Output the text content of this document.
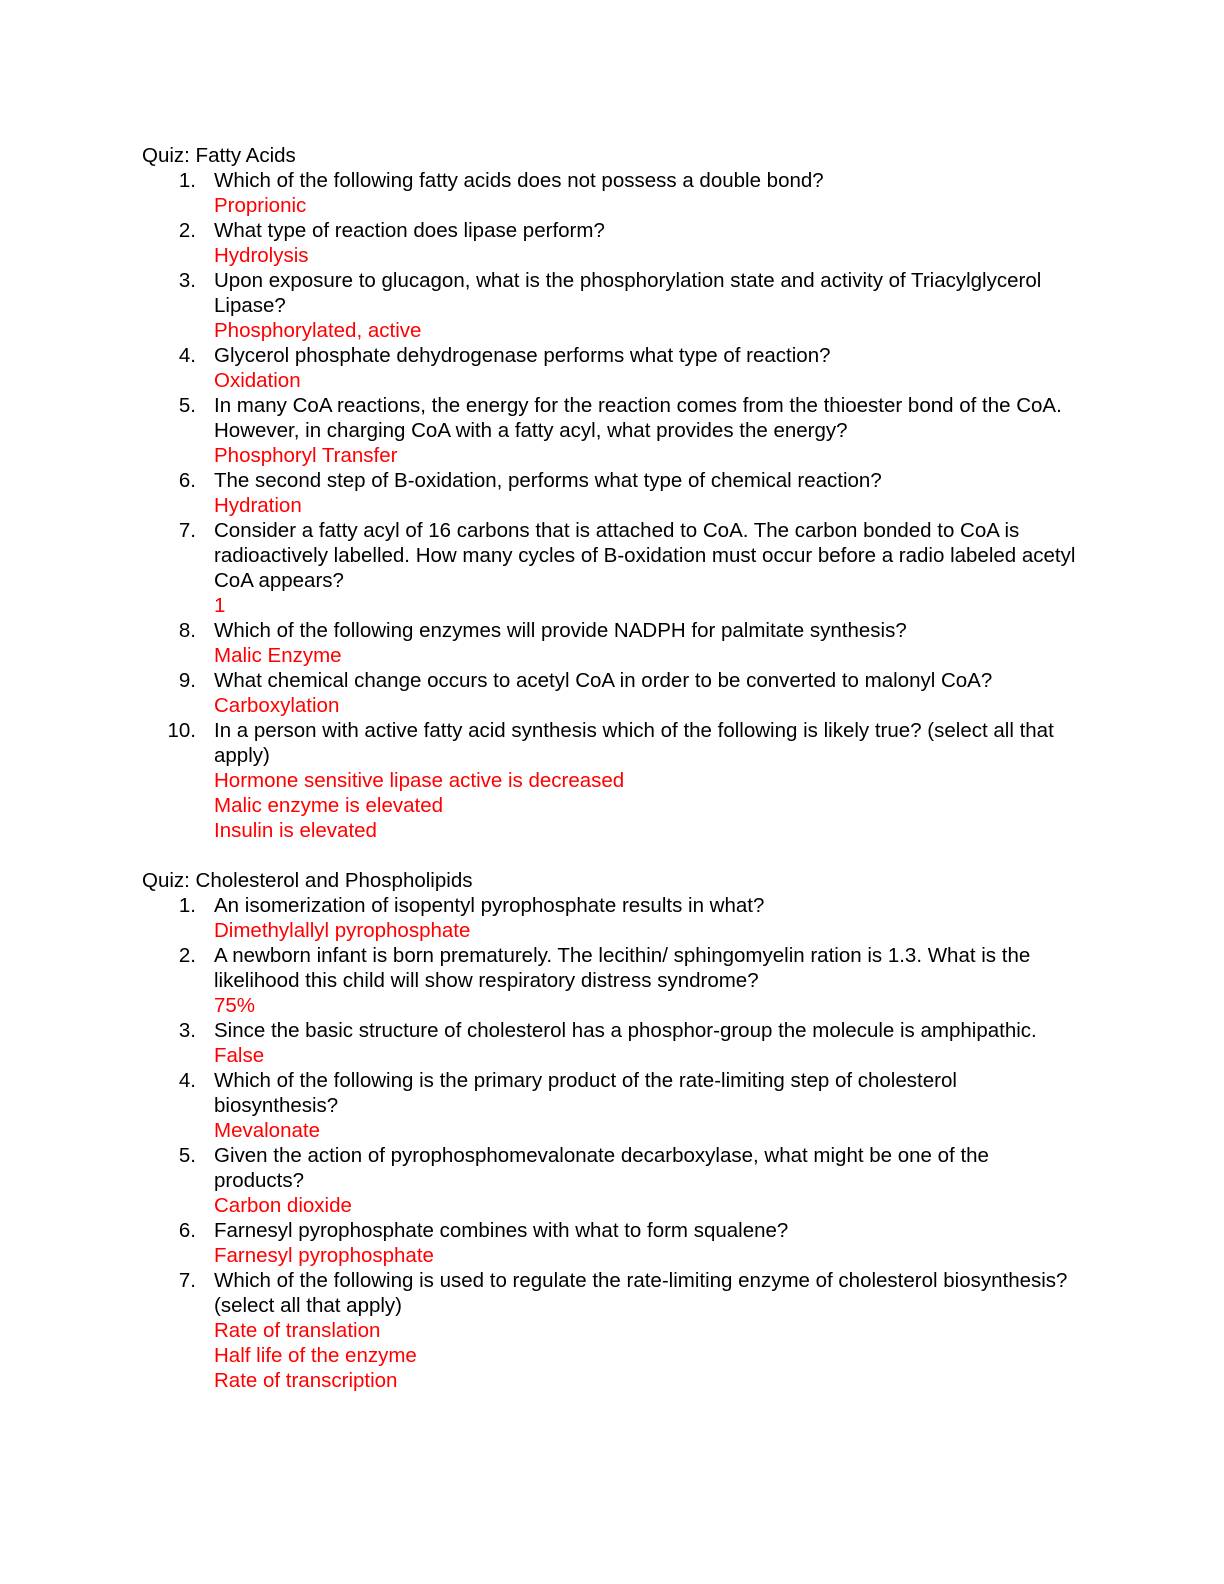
Quiz: Fatty Acids
1. Which of the following fatty acids does not possess a double bond?
Proprionic
2. What type of reaction does lipase perform?
Hydrolysis
3. Upon exposure to glucagon, what is the phosphorylation state and activity of Triacylglycerol Lipase?
Phosphorylated, active
4. Glycerol phosphate dehydrogenase performs what type of reaction?
Oxidation
5. In many CoA reactions, the energy for the reaction comes from the thioester bond of the CoA. However, in charging CoA with a fatty acyl, what provides the energy?
Phosphoryl Transfer
6. The second step of B-oxidation, performs what type of chemical reaction?
Hydration
7. Consider a fatty acyl of 16 carbons that is attached to CoA. The carbon bonded to CoA is radioactively labelled. How many cycles of B-oxidation must occur before a radio labeled acetyl CoA appears?
1
8. Which of the following enzymes will provide NADPH for palmitate synthesis?
Malic Enzyme
9. What chemical change occurs to acetyl CoA in order to be converted to malonyl CoA?
Carboxylation
10. In a person with active fatty acid synthesis which of the following is likely true? (select all that apply)
Hormone sensitive lipase active is decreased
Malic enzyme is elevated
Insulin is elevated
Quiz: Cholesterol and Phospholipids
1. An isomerization of isopentyl pyrophosphate results in what?
Dimethylallyl pyrophosphate
2. A newborn infant is born prematurely. The lecithin/ sphingomyelin ration is 1.3. What is the likelihood this child will show respiratory distress syndrome?
75%
3. Since the basic structure of cholesterol has a phosphor-group the molecule is amphipathic.
False
4. Which of the following is the primary product of the rate-limiting step of cholesterol biosynthesis?
Mevalonate
5. Given the action of pyrophosphomevalonate decarboxylase, what might be one of the products?
Carbon dioxide
6. Farnesyl pyrophosphate combines with what to form squalene?
Farnesyl pyrophosphate
7. Which of the following is used to regulate the rate-limiting enzyme of cholesterol biosynthesis? (select all that apply)
Rate of translation
Half life of the enzyme
Rate of transcription
